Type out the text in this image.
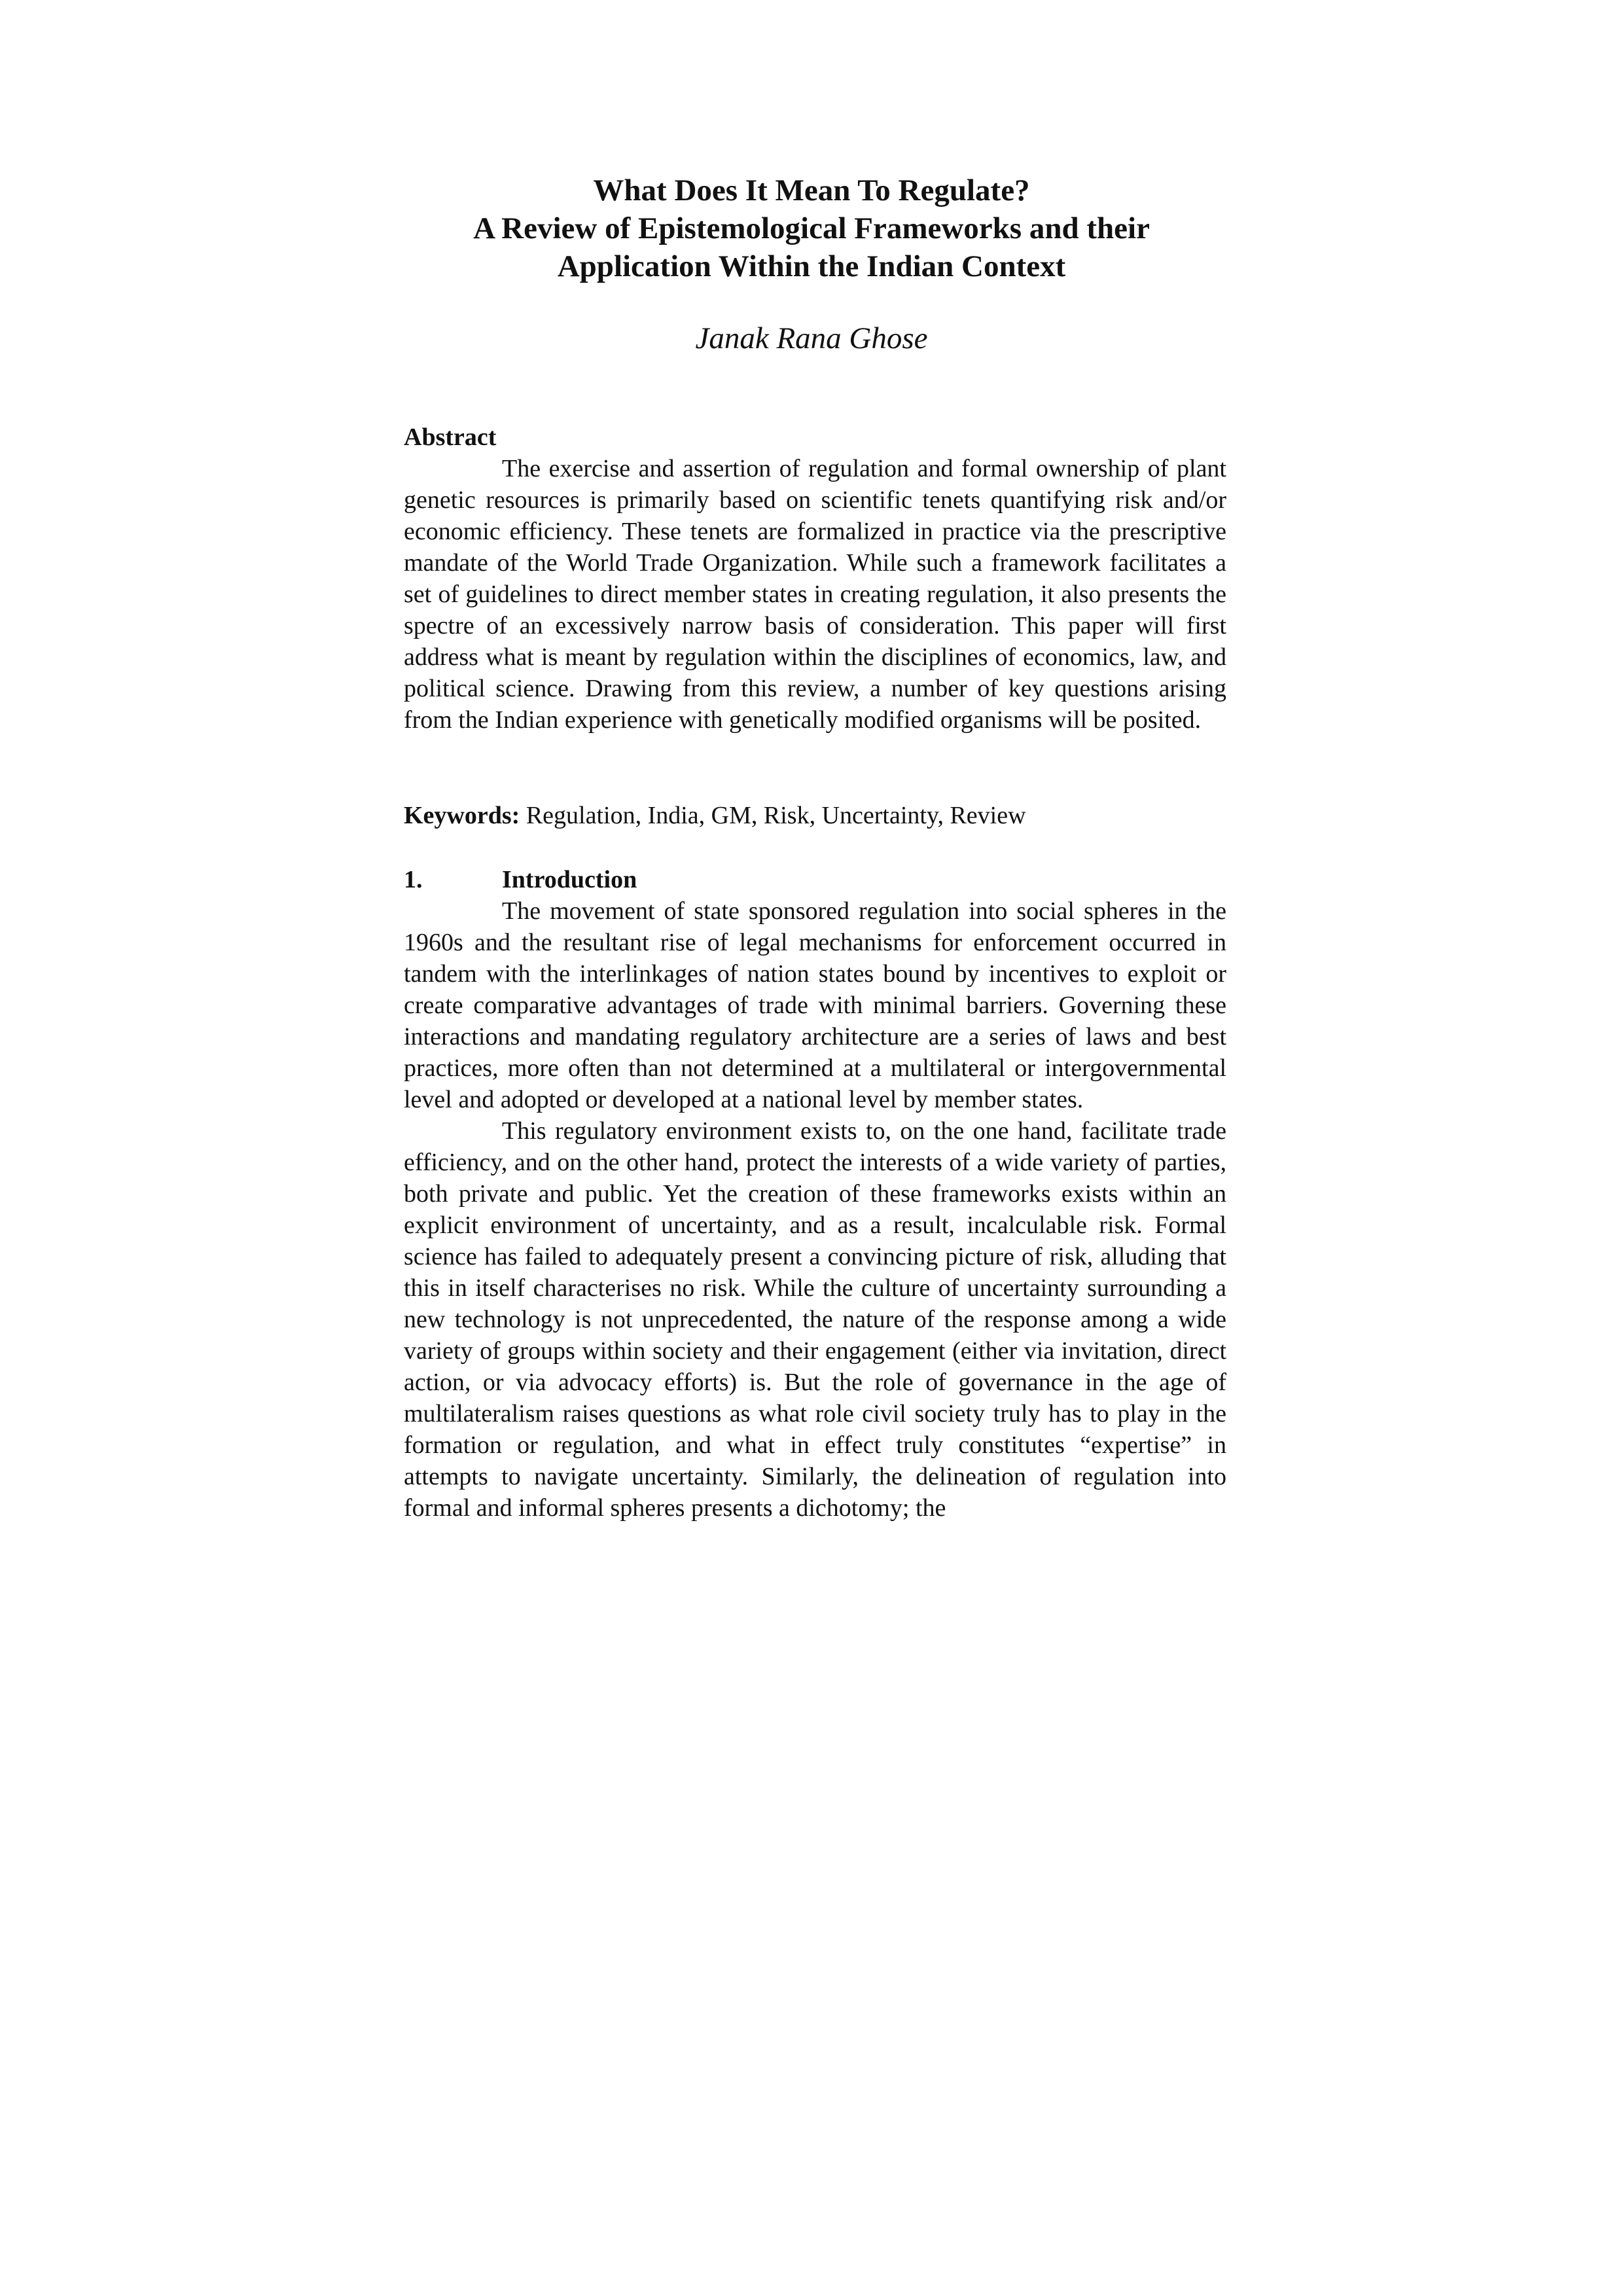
What Does It Mean To Regulate?
A Review of Epistemological Frameworks and their
Application Within the Indian Context
Janak Rana Ghose
Abstract

The exercise and assertion of regulation and formal ownership of plant genetic resources is primarily based on scientific tenets quantifying risk and/or economic efficiency. These tenets are formalized in practice via the prescriptive mandate of the World Trade Organization. While such a framework facilitates a set of guidelines to direct member states in creating regulation, it also presents the spectre of an excessively narrow basis of consideration. This paper will first address what is meant by regulation within the disciplines of economics, law, and political science. Drawing from this review, a number of key questions arising from the Indian experience with genetically modified organisms will be posited.

Keywords: Regulation, India, GM, Risk, Uncertainty, Review
1.	Introduction

The movement of state sponsored regulation into social spheres in the 1960s and the resultant rise of legal mechanisms for enforcement occurred in tandem with the interlinkages of nation states bound by incentives to exploit or create comparative advantages of trade with minimal barriers. Governing these interactions and mandating regulatory architecture are a series of laws and best practices, more often than not determined at a multilateral or intergovernmental level and adopted or developed at a national level by member states.

This regulatory environment exists to, on the one hand, facilitate trade efficiency, and on the other hand, protect the interests of a wide variety of parties, both private and public. Yet the creation of these frameworks exists within an explicit environment of uncertainty, and as a result, incalculable risk. Formal science has failed to adequately present a convincing picture of risk, alluding that this in itself characterises no risk. While the culture of uncertainty surrounding a new technology is not unprecedented, the nature of the response among a wide variety of groups within society and their engagement (either via invitation, direct action, or via advocacy efforts) is. But the role of governance in the age of multilateralism raises questions as what role civil society truly has to play in the formation or regulation, and what in effect truly constitutes “expertise” in attempts to navigate uncertainty. Similarly, the delineation of regulation into formal and informal spheres presents a dichotomy; the
